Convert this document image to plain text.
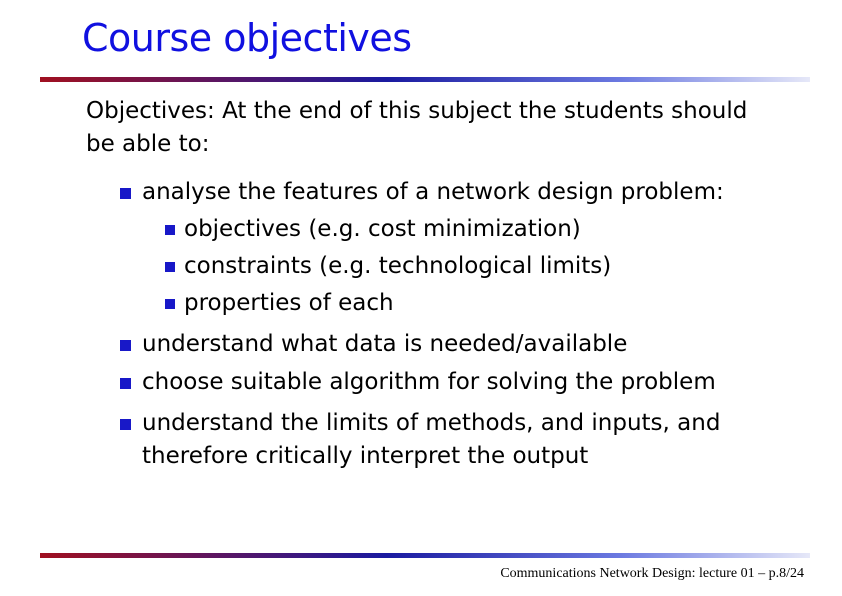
Course objectives
Objectives: At the end of this subject the students should be able to:
analyse the features of a network design problem:
objectives (e.g. cost minimization)
constraints (e.g. technological limits)
properties of each
understand what data is needed/available
choose suitable algorithm for solving the problem
understand the limits of methods, and inputs, and
therefore critically interpret the output
Communications Network Design: lecture 01 – p.8/24
